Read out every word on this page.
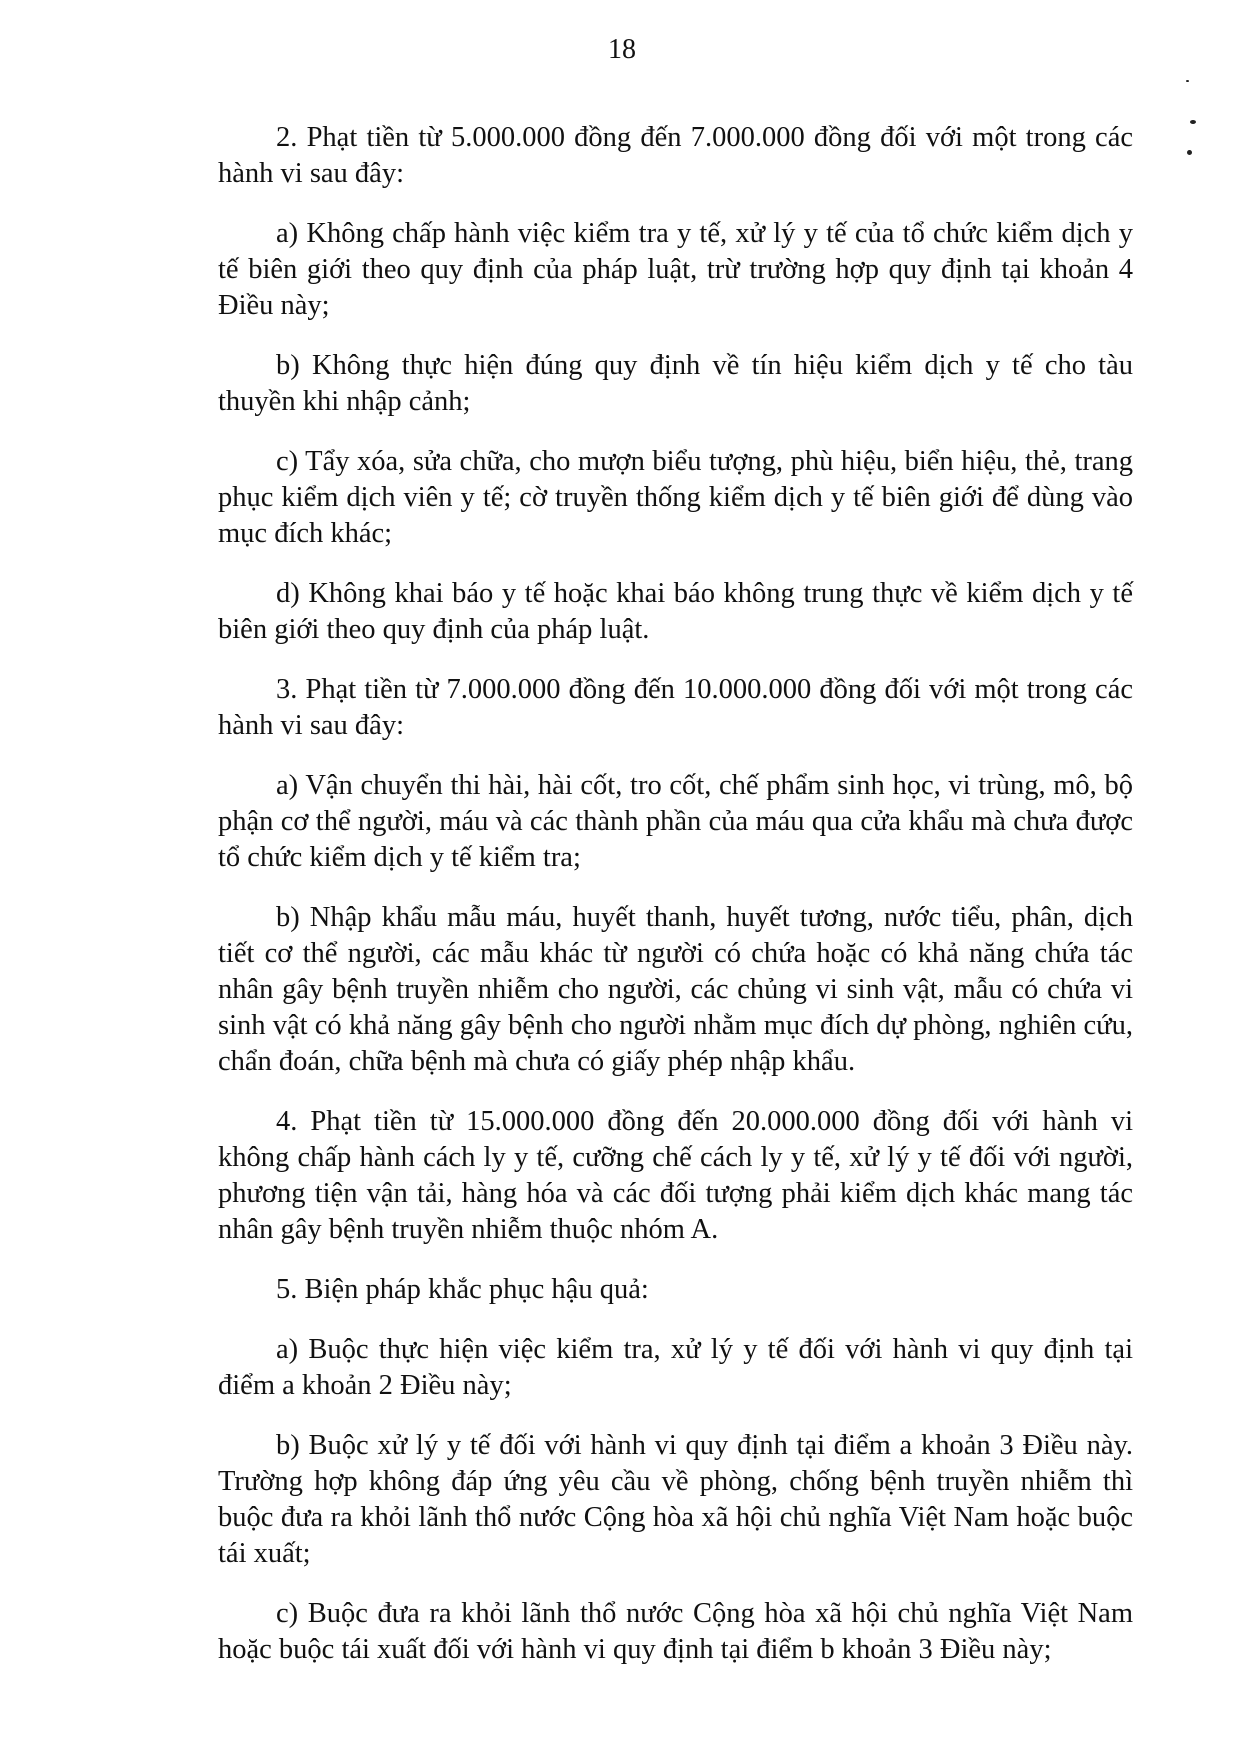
18

2. Phạt tiền từ 5.000.000 đồng đến 7.000.000 đồng đối với một trong các hành vi sau đây:

a) Không chấp hành việc kiểm tra y tế, xử lý y tế của tổ chức kiểm dịch y tế biên giới theo quy định của pháp luật, trừ trường hợp quy định tại khoản 4 Điều này;

b) Không thực hiện đúng quy định về tín hiệu kiểm dịch y tế cho tàu thuyền khi nhập cảnh;

c) Tẩy xóa, sửa chữa, cho mượn biểu tượng, phù hiệu, biển hiệu, thẻ, trang phục kiểm dịch viên y tế; cờ truyền thống kiểm dịch y tế biên giới để dùng vào mục đích khác;

d) Không khai báo y tế hoặc khai báo không trung thực về kiểm dịch y tế biên giới theo quy định của pháp luật.

3. Phạt tiền từ 7.000.000 đồng đến 10.000.000 đồng đối với một trong các hành vi sau đây:

a) Vận chuyển thi hài, hài cốt, tro cốt, chế phẩm sinh học, vi trùng, mô, bộ phận cơ thể người, máu và các thành phần của máu qua cửa khẩu mà chưa được tổ chức kiểm dịch y tế kiểm tra;

b) Nhập khẩu mẫu máu, huyết thanh, huyết tương, nước tiểu, phân, dịch tiết cơ thể người, các mẫu khác từ người có chứa hoặc có khả năng chứa tác nhân gây bệnh truyền nhiễm cho người, các chủng vi sinh vật, mẫu có chứa vi sinh vật có khả năng gây bệnh cho người nhằm mục đích dự phòng, nghiên cứu, chẩn đoán, chữa bệnh mà chưa có giấy phép nhập khẩu.

4. Phạt tiền từ 15.000.000 đồng đến 20.000.000 đồng đối với hành vi không chấp hành cách ly y tế, cưỡng chế cách ly y tế, xử lý y tế đối với người, phương tiện vận tải, hàng hóa và các đối tượng phải kiểm dịch khác mang tác nhân gây bệnh truyền nhiễm thuộc nhóm A.

5. Biện pháp khắc phục hậu quả:

a) Buộc thực hiện việc kiểm tra, xử lý y tế đối với hành vi quy định tại điểm a khoản 2 Điều này;

b) Buộc xử lý y tế đối với hành vi quy định tại điểm a khoản 3 Điều này. Trường hợp không đáp ứng yêu cầu về phòng, chống bệnh truyền nhiễm thì buộc đưa ra khỏi lãnh thổ nước Cộng hòa xã hội chủ nghĩa Việt Nam hoặc buộc tái xuất;

c) Buộc đưa ra khỏi lãnh thổ nước Cộng hòa xã hội chủ nghĩa Việt Nam hoặc buộc tái xuất đối với hành vi quy định tại điểm b khoản 3 Điều này;
